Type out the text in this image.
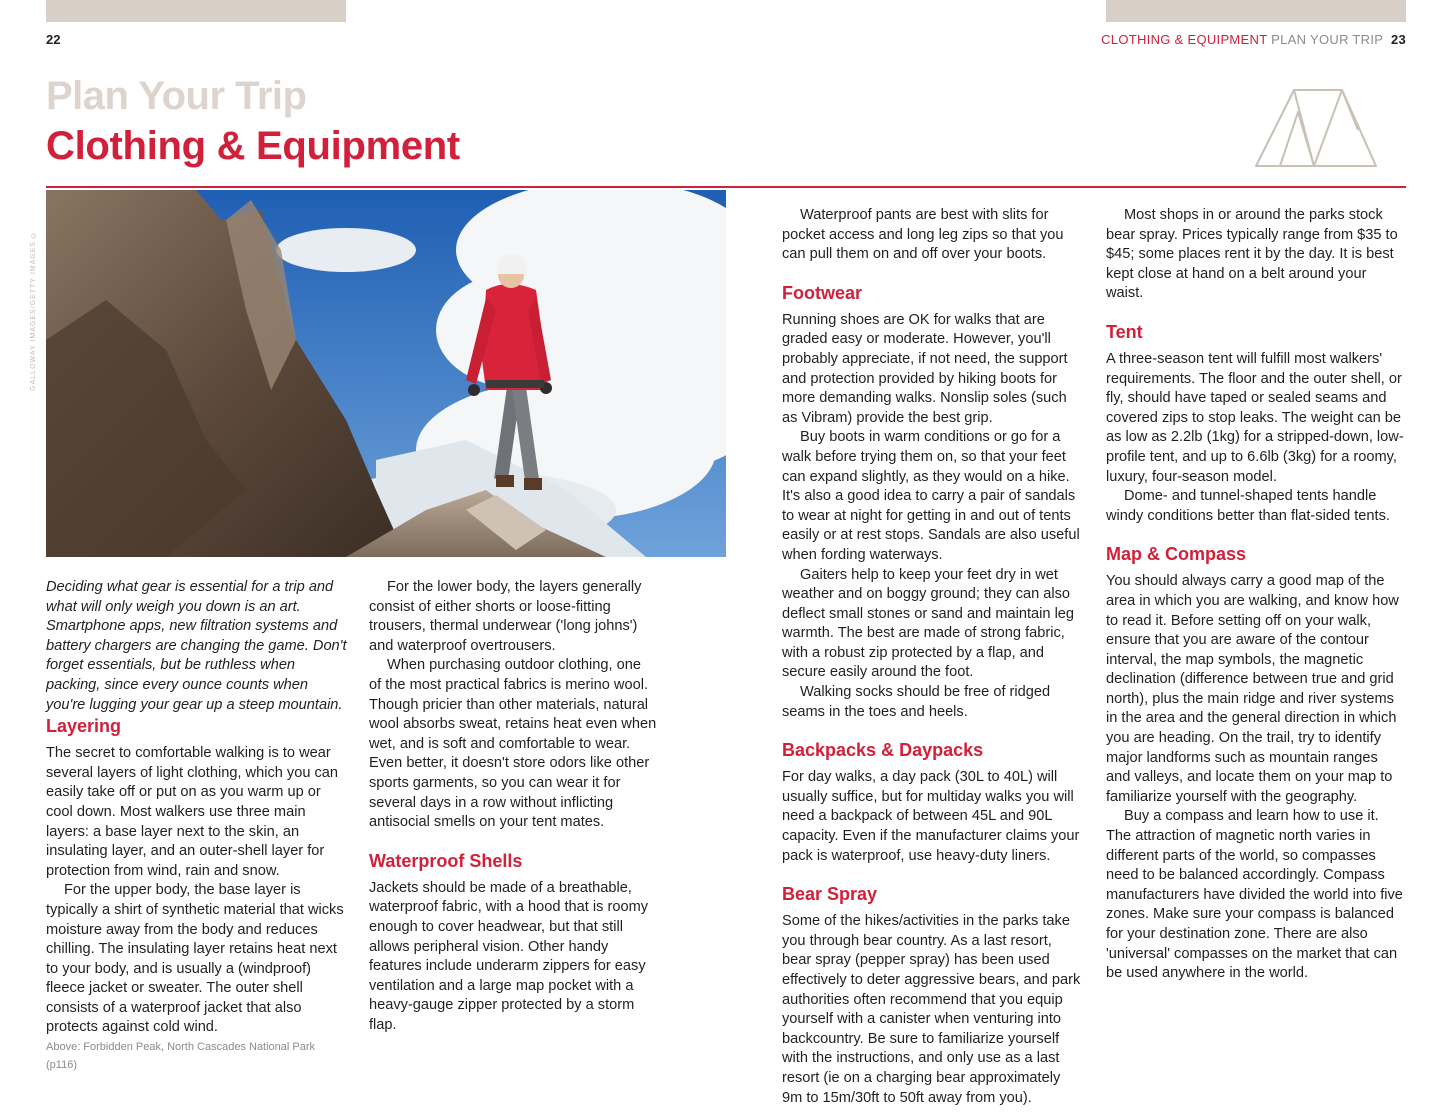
22	CLOTHING & EQUIPMENT PLAN YOUR TRIP 23
Plan Your Trip
Clothing & Equipment
GALLOWAY IMAGES/GETTY IMAGES ©

Deciding what gear is essential for a trip and what will only weigh you down is an art. Smartphone apps, new filtration systems and battery chargers are changing the game. Don't forget essentials, but be ruthless when packing, since every ounce counts when you're lugging your gear up a steep mountain.

Layering

The secret to comfortable walking is to wear several layers of light clothing, which you can easily take off or put on as you warm up or cool down. Most walkers use three main layers: a base layer next to the skin, an insulating layer, and an outer-shell layer for protection from wind, rain and snow.

For the upper body, the base layer is typically a shirt of synthetic material that wicks moisture away from the body and reduces chilling. The insulating layer retains heat next to your body, and is usually a (windproof) fleece jacket or sweater. The outer shell consists of a waterproof jacket that also protects against cold wind.

Above: Forbidden Peak, North Cascades National Park (p116)

For the lower body, the layers generally consist of either shorts or loose-fitting trousers, thermal underwear ('long johns') and waterproof overtrousers.

When purchasing outdoor clothing, one of the most practical fabrics is merino wool. Though pricier than other materials, natural wool absorbs sweat, retains heat even when wet, and is soft and comfortable to wear. Even better, it doesn't store odors like other sports garments, so you can wear it for several days in a row without inflicting antisocial smells on your tent mates.

Waterproof Shells

Jackets should be made of a breathable, waterproof fabric, with a hood that is roomy enough to cover headwear, but that still allows peripheral vision. Other handy features include underarm zippers for easy ventilation and a large map pocket with a heavy-gauge zipper protected by a storm flap.

Waterproof pants are best with slits for pocket access and long leg zips so that you can pull them on and off over your boots.

Footwear

Running shoes are OK for walks that are graded easy or moderate. However, you'll probably appreciate, if not need, the support and protection provided by hiking boots for more demanding walks. Nonslip soles (such as Vibram) provide the best grip.

Buy boots in warm conditions or go for a walk before trying them on, so that your feet can expand slightly, as they would on a hike. It's also a good idea to carry a pair of sandals to wear at night for getting in and out of tents easily or at rest stops. Sandals are also useful when fording waterways.

Gaiters help to keep your feet dry in wet weather and on boggy ground; they can also deflect small stones or sand and maintain leg warmth. The best are made of strong fabric, with a robust zip protected by a flap, and secure easily around the foot.

Walking socks should be free of ridged seams in the toes and heels.

Backpacks & Daypacks

For day walks, a day pack (30L to 40L) will usually suffice, but for multiday walks you will need a backpack of between 45L and 90L capacity. Even if the manufacturer claims your pack is waterproof, use heavy-duty liners.

Bear Spray

Some of the hikes/activities in the parks take you through bear country. As a last resort, bear spray (pepper spray) has been used effectively to deter aggressive bears, and park authorities often recommend that you equip yourself with a canister when venturing into backcountry. Be sure to familiarize yourself with the instructions, and only use as a last resort (ie on a charging bear approximately 9m to 15m/30ft to 50ft away from you).

Most shops in or around the parks stock bear spray. Prices typically range from $35 to $45; some places rent it by the day. It is best kept close at hand on a belt around your waist.

Tent

A three-season tent will fulfill most walkers' requirements. The floor and the outer shell, or fly, should have taped or sealed seams and covered zips to stop leaks. The weight can be as low as 2.2lb (1kg) for a stripped-down, low-profile tent, and up to 6.6lb (3kg) for a roomy, luxury, four-season model.

Dome- and tunnel-shaped tents handle windy conditions better than flat-sided tents.

Map & Compass

You should always carry a good map of the area in which you are walking, and know how to read it. Before setting off on your walk, ensure that you are aware of the contour interval, the map symbols, the magnetic declination (difference between true and grid north), plus the main ridge and river systems in the area and the general direction in which you are heading. On the trail, try to identify major landforms such as mountain ranges and valleys, and locate them on your map to familiarize yourself with the geography.

Buy a compass and learn how to use it. The attraction of magnetic north varies in different parts of the world, so compasses need to be balanced accordingly. Compass manufacturers have divided the world into five zones. Make sure your compass is balanced for your destination zone. There are also 'universal' compasses on the market that can be used anywhere in the world.
